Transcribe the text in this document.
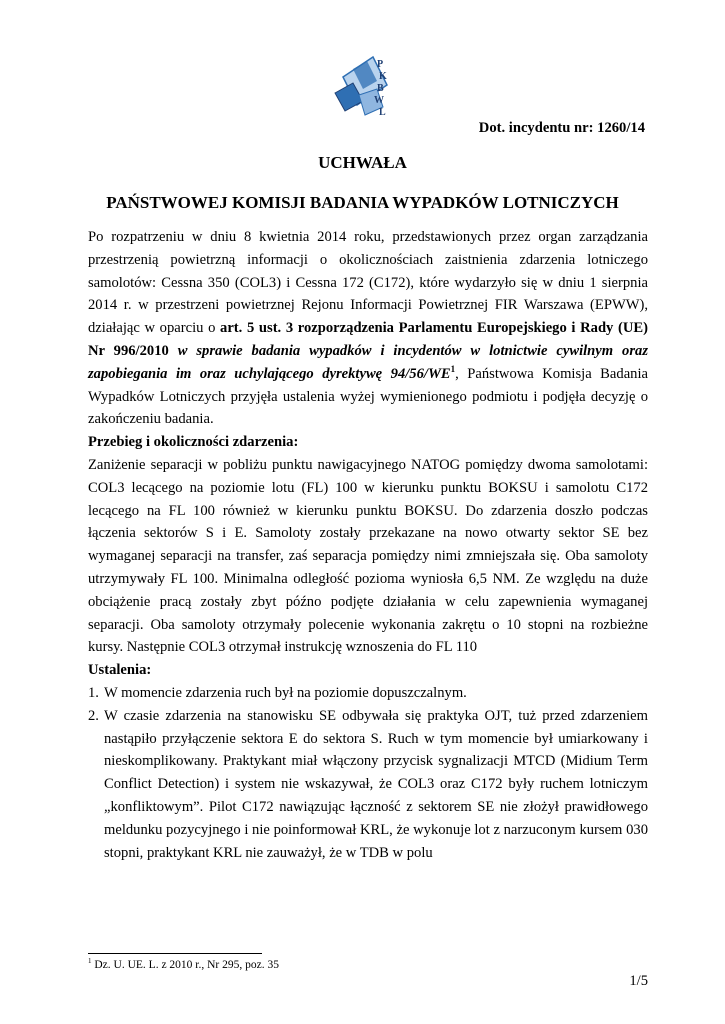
P
K
B
W
L
Dot. incydentu nr: 1260/14
UCHWAŁA
PAŃSTWOWEJ KOMISJI BADANIA WYPADKÓW LOTNICZYCH

Po rozpatrzeniu w dniu 8 kwietnia 2014 roku, przedstawionych przez organ zarządzania przestrzenią powietrzną informacji o okolicznościach zaistnienia zdarzenia lotniczego samolotów: Cessna 350 (COL3) i Cessna 172 (C172), które wydarzyło się w dniu 1 sierpnia 2014 r. w przestrzeni powietrznej Rejonu Informacji Powietrznej FIR Warszawa (EPWW), działając w oparciu o art. 5 ust. 3 rozporządzenia Parlamentu Europejskiego i Rady (UE) Nr 996/2010 w sprawie badania wypadków i incydentów w lotnictwie cywilnym oraz zapobiegania im oraz uchylającego dyrektywę $94/56/WE^1$, Państwowa Komisja Badania Wypadków Lotniczych przyjęła ustalenia wyżej wymienionego podmiotu i podjęła decyzję o zakończeniu badania.

Przebieg i okoliczności zdarzenia:

Zaniżenie separacji w pobliżu punktu nawigacyjnego NATOG pomiędzy dwoma samolotami: COL3 lecącego na poziomie lotu (FL) 100 w kierunku punktu BOKSU i samolotu C172 lecącego na FL 100 również w kierunku punktu BOKSU. Do zdarzenia doszło podczas łączenia sektorów S i E. Samoloty zostały przekazane na nowo otwarty sektor SE bez wymaganej separacji na transfer, zaś separacja pomiędzy nimi zmniejszała się. Oba samoloty utrzymywały FL 100. Minimalna odległość pozioma wyniosła 6,5 NM. Ze względu na duże obciążenie pracą zostały zbyt późno podjęte działania w celu zapewnienia wymaganej separacji. Oba samoloty otrzymały polecenie wykonania zakrętu o 10 stopni na rozbieżne kursy. Następnie COL3 otrzymał instrukcję wznoszenia do FL 110

Ustalenia:

1. W momencie zdarzenia ruch był na poziomie dopuszczalnym.
2. W czasie zdarzenia na stanowisku SE odbywała się praktyka OJT, tuż przed zdarzeniem nastąpiło przyłączenie sektora E do sektora S. Ruch w tym momencie był umiarkowany i nieskomplikowany. Praktykant miał włączony przycisk sygnalizacji MTCD (Midium Term Conflict Detection) i system nie wskazywał, że COL3 oraz C172 były ruchem lotniczym „konfliktowym”. Pilot C172 nawiązując łączność z sektorem SE nie złożył prawidłowego meldunku pozycyjnego i nie poinformował KRL, że wykonuje lot z narzuconym kursem 030 stopni, praktykant KRL nie zauważył, że w TDB w polu
$^1$ Dz. U. UE. L. z 2010 r., Nr 295, poz. 35
1/5
